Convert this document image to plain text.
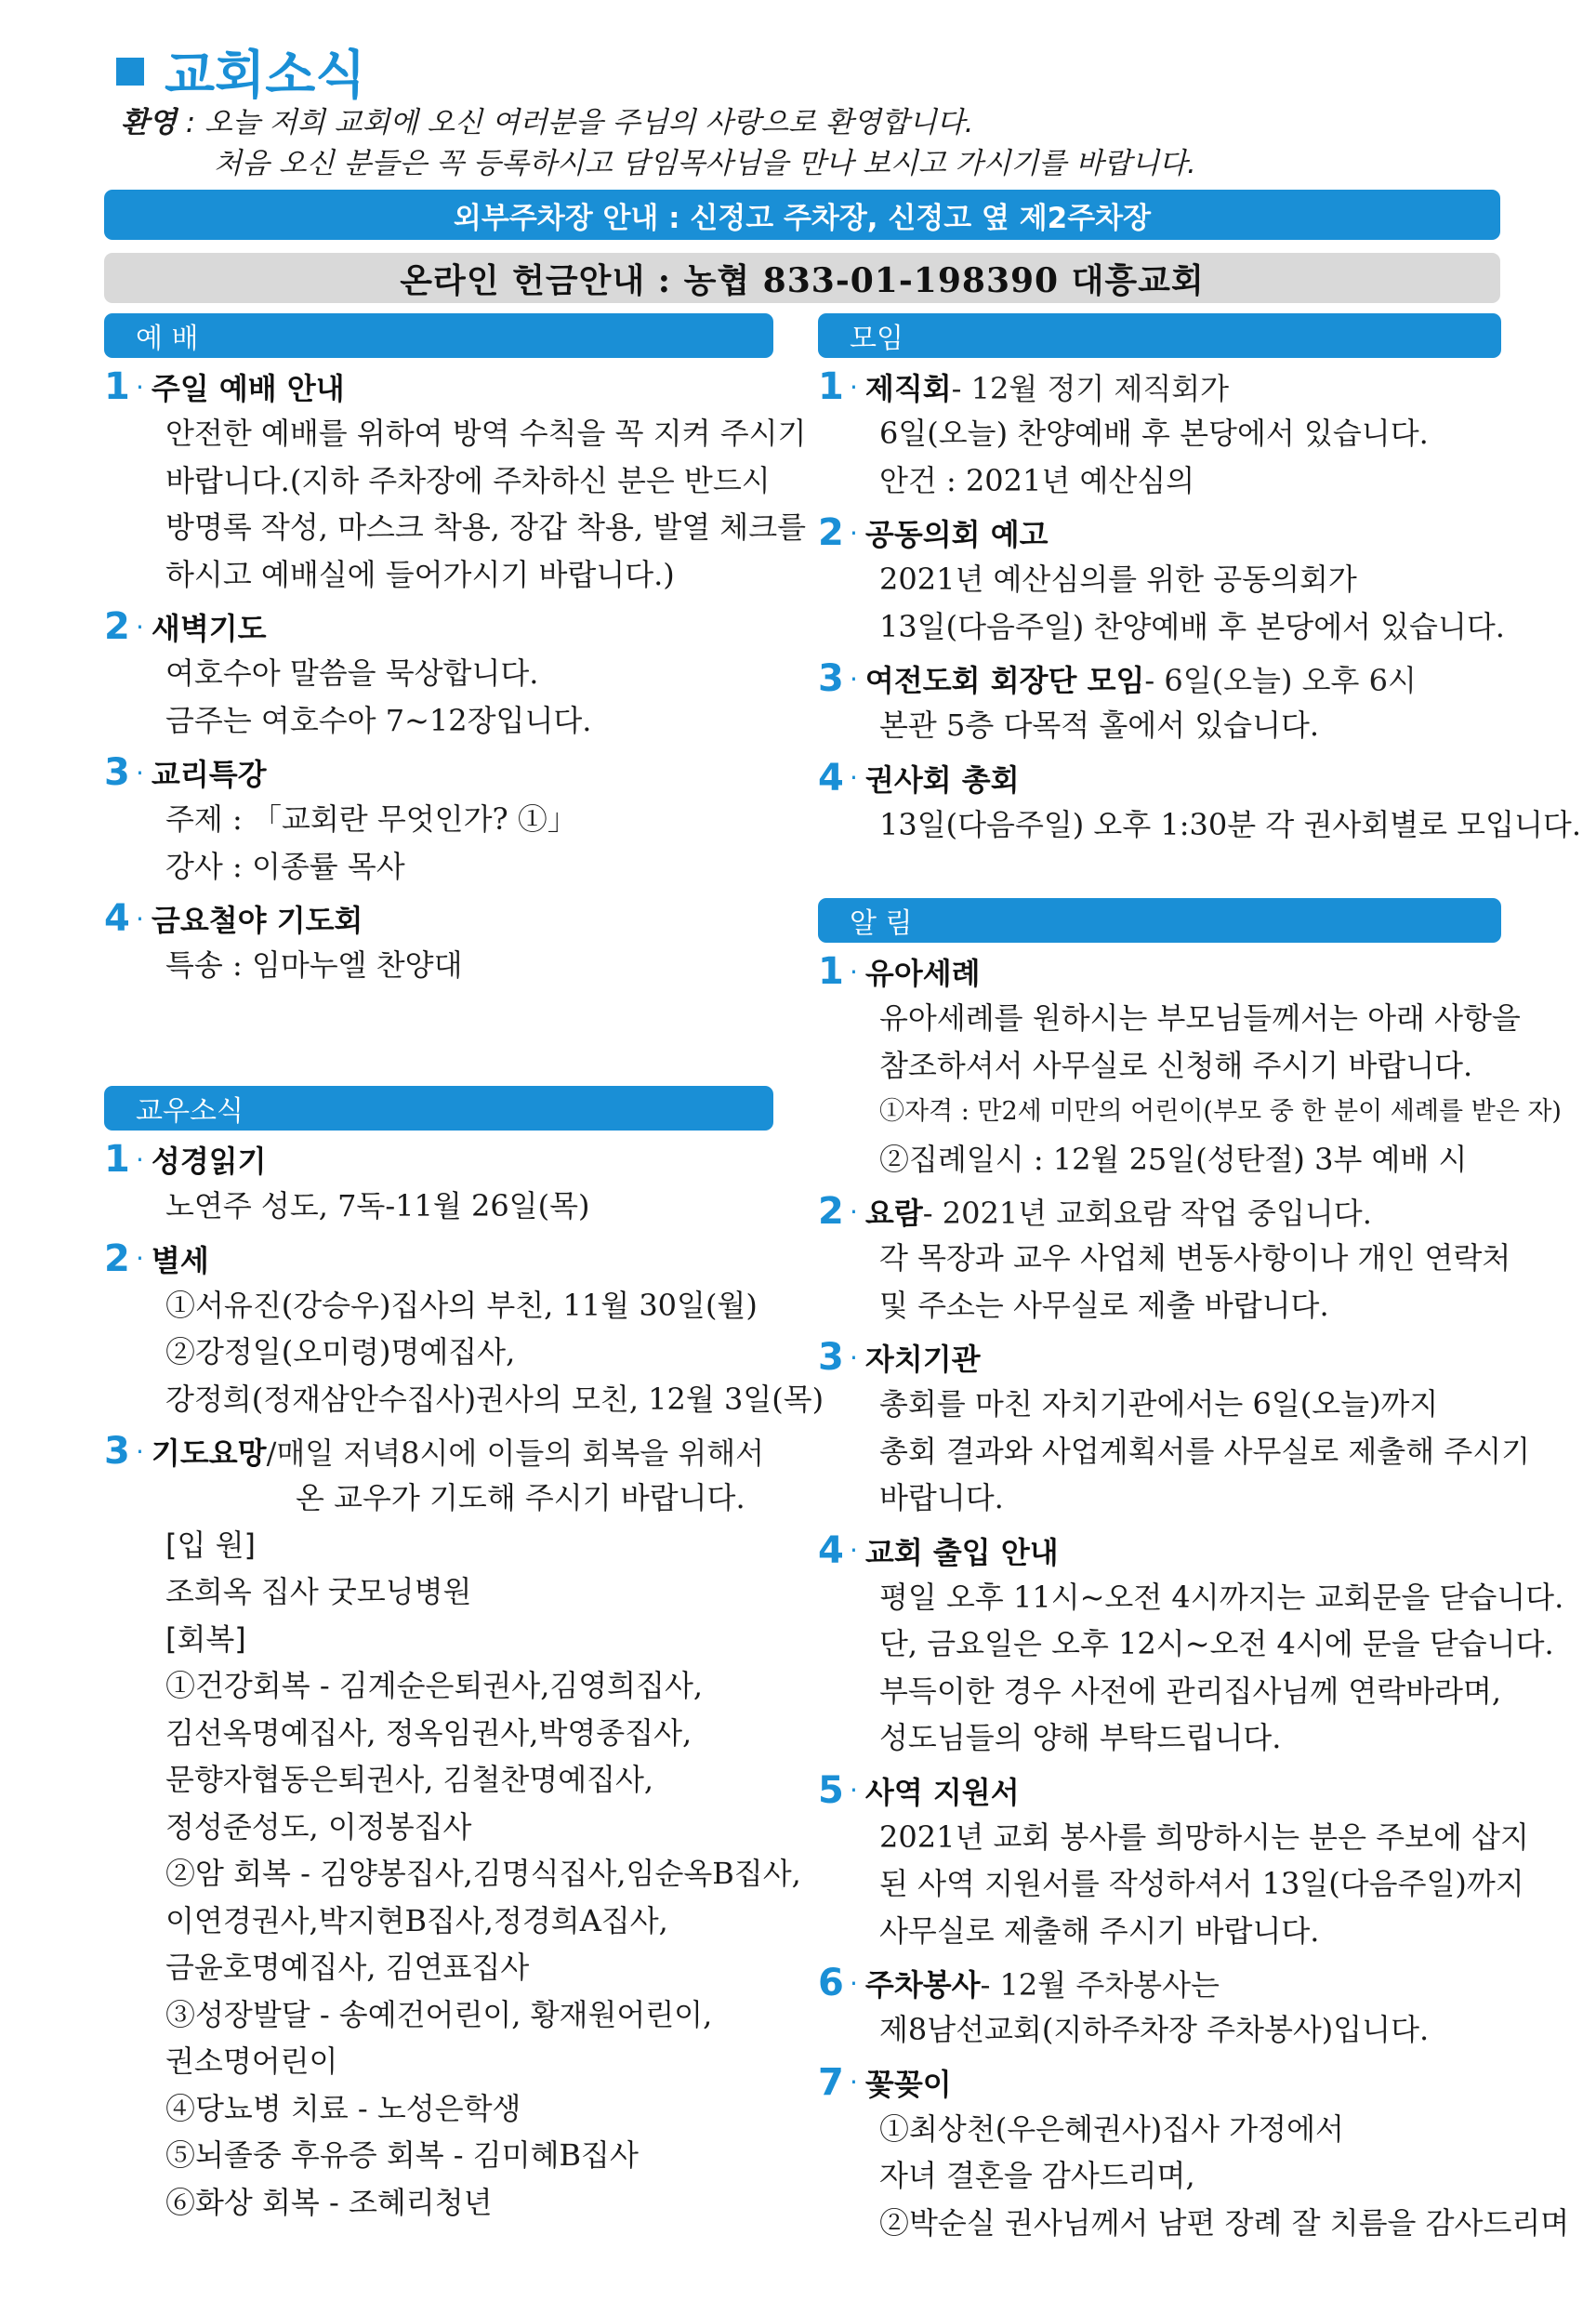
교회소식
환영 : 오늘 저희 교회에 오신 여러분을 주님의 사랑으로 환영합니다.
처음 오신 분들은 꼭 등록하시고 담임목사님을 만나 보시고 가시기를 바랍니다.
외부주차장 안내 : 신정고 주차장, 신정고 옆 제2주차장
온라인 헌금안내 : 농협 833-01-198390 대흥교회
예 배
1 · 주일 예배 안내
안전한 예배를 위하여 방역 수칙을 꼭 지켜 주시기
바랍니다.(지하 주차장에 주차하신 분은 반드시
방명록 작성, 마스크 착용, 장갑 착용, 발열 체크를
하시고 예배실에 들어가시기 바랍니다.)
2 · 새벽기도
여호수아 말씀을 묵상합니다.
금주는 여호수아 7~12장입니다.
3 · 교리특강
주제 : 「교회란 무엇인가? ①」
강사 : 이종률 목사
4 · 금요철야 기도회
특송 : 임마누엘 찬양대
교우소식
1 · 성경읽기
노연주 성도, 7독-11월 26일(목)
2 · 별세
①서유진(강승우)집사의 부친, 11월 30일(월)
②강정일(오미령)명예집사,
강정희(정재삼안수집사)권사의 모친, 12월 3일(목)
3 · 기도요망 /매일 저녁8시에 이들의 회복을 위해서
온 교우가 기도해 주시기 바랍니다.
[입 원]
조희옥 집사 굿모닝병원
[회복]
①건강회복 - 김계순은퇴권사,김영희집사,
김선옥명예집사, 정옥임권사,박영종집사,
문향자협동은퇴권사, 김철찬명예집사,
정성준성도, 이정봉집사
②암 회복 - 김양봉집사,김명식집사,임순옥B집사,
이연경권사,박지현B집사,정경희A집사,
금윤호명예집사, 김연표집사
③성장발달 - 송예건어린이, 황재원어린이,
권소명어린이
④당뇨병 치료 - 노성은학생
⑤뇌졸중 후유증 회복 - 김미혜B집사
⑥화상 회복 - 조혜리청년
모임
1 · 제직회 - 12월 정기 제직회가
6일(오늘) 찬양예배 후 본당에서 있습니다.
안건 : 2021년 예산심의
2 · 공동의회 예고
2021년 예산심의를 위한 공동의회가
13일(다음주일) 찬양예배 후 본당에서 있습니다.
3 · 여전도회 회장단 모임 - 6일(오늘) 오후 6시
본관 5층 다목적 홀에서 있습니다.
4 · 권사회 총회
13일(다음주일) 오후 1:30분 각 권사회별로 모입니다.
알 림
1 · 유아세례
유아세례를 원하시는 부모님들께서는 아래 사항을
참조하셔서 사무실로 신청해 주시기 바랍니다.
①자격 : 만2세 미만의 어린이(부모 중 한 분이 세례를 받은 자)
②집례일시 : 12월 25일(성탄절) 3부 예배 시
2 · 요람 - 2021년 교회요람 작업 중입니다.
각 목장과 교우 사업체 변동사항이나 개인 연락처
및 주소는 사무실로 제출 바랍니다.
3 · 자치기관
총회를 마친 자치기관에서는 6일(오늘)까지
총회 결과와 사업계획서를 사무실로 제출해 주시기
바랍니다.
4 · 교회 출입 안내
평일 오후 11시~오전 4시까지는 교회문을 닫습니다.
단, 금요일은 오후 12시~오전 4시에 문을 닫습니다.
부득이한 경우 사전에 관리집사님께 연락바라며,
성도님들의 양해 부탁드립니다.
5 · 사역 지원서
2021년 교회 봉사를 희망하시는 분은 주보에 삽지
된 사역 지원서를 작성하셔서 13일(다음주일)까지
사무실로 제출해 주시기 바랍니다.
6 · 주차봉사 - 12월 주차봉사는
제8남선교회(지하주차장 주차봉사)입니다.
7 · 꽃꽂이
①최상천(우은혜권사)집사 가정에서
자녀 결혼을 감사드리며,
②박순실 권사님께서 남편 장례 잘 치름을 감사드리며
